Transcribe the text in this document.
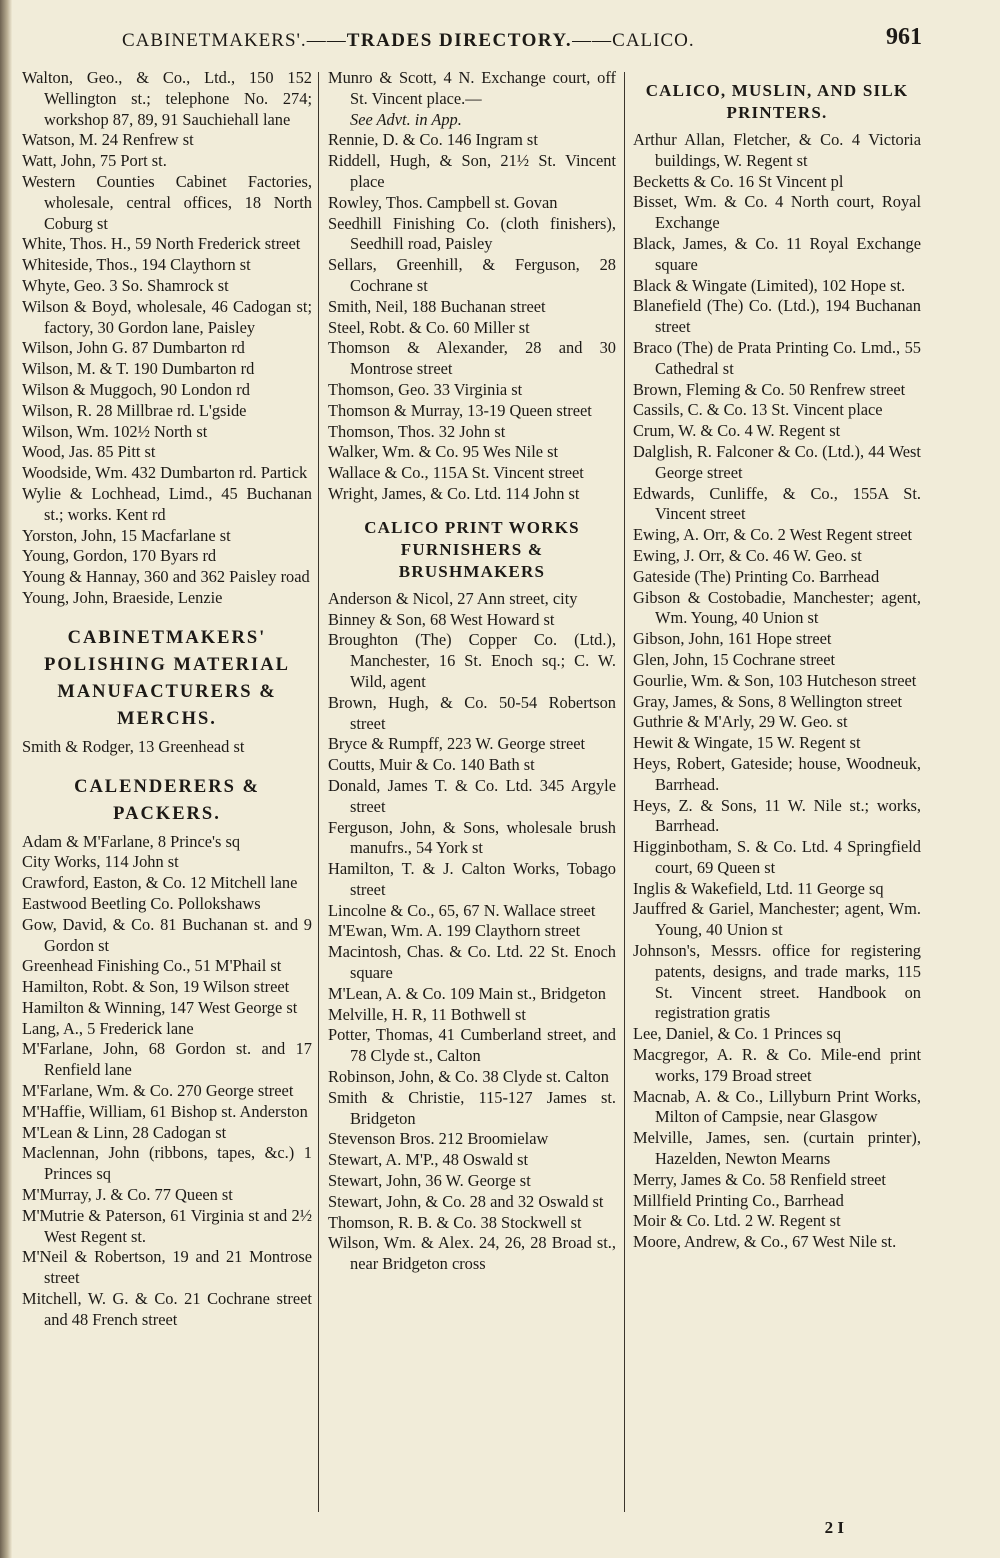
CABINETMAKERS'.——TRADES DIRECTORY.——CALICO.	961

Walton, Geo., & Co., Ltd., 150 152 Wellington st.; telephone No. 274; workshop 87, 89, 91 Sauchiehall lane

Watson, M. 24 Renfrew st

Watt, John, 75 Port st.

Western Counties Cabinet Factories, wholesale, central offices, 18 North Coburg st

White, Thos. H., 59 North Frederick street

Whiteside, Thos., 194 Claythorn st

Whyte, Geo. 3 So. Shamrock st

Wilson & Boyd, wholesale, 46 Cadogan st; factory, 30 Gordon lane, Paisley

Wilson, John G. 87 Dumbarton rd

Wilson, M. & T. 190 Dumbarton rd

Wilson & Muggoch, 90 London rd

Wilson, R. 28 Millbrae rd. L'gside

Wilson, Wm. 102½ North st

Wood, Jas. 85 Pitt st

Woodside, Wm. 432 Dumbarton rd. Partick

Wylie & Lochhead, Limd., 45 Buchanan st.; works. Kent rd

Yorston, John, 15 Macfarlane st

Young, Gordon, 170 Byars rd

Young & Hannay, 360 and 362 Paisley road

Young, John, Braeside, Lenzie

CABINETMAKERS' POLISHING MATERIAL MANUFACTURERS & MERCHS.

Smith & Rodger, 13 Greenhead st

CALENDERERS & PACKERS.

Adam & M'Farlane, 8 Prince's sq

City Works, 114 John st

Crawford, Easton, & Co. 12 Mitchell lane

Eastwood Beetling Co. Pollokshaws

Gow, David, & Co. 81 Buchanan st. and 9 Gordon st

Greenhead Finishing Co., 51 M'Phail st

Hamilton, Robt. & Son, 19 Wilson street

Hamilton & Winning, 147 West George st

Lang, A., 5 Frederick lane

M'Farlane, John, 68 Gordon st. and 17 Renfield lane

M'Farlane, Wm. & Co. 270 George street

M'Haffie, William, 61 Bishop st. Anderston

M'Lean & Linn, 28 Cadogan st

Maclennan, John (ribbons, tapes, &c.) 1 Princes sq

M'Murray, J. & Co. 77 Queen st

M'Mutrie & Paterson, 61 Virginia st and 2½ West Regent st.

M'Neil & Robertson, 19 and 21 Montrose street

Mitchell, W. G. & Co. 21 Cochrane street and 48 French street

Munro & Scott, 4 N. Exchange court, off St. Vincent place.—
See Advt. in App.

Rennie, D. & Co. 146 Ingram st

Riddell, Hugh, & Son, 21½ St. Vincent place

Rowley, Thos. Campbell st. Govan

Seedhill Finishing Co. (cloth finishers), Seedhill road, Paisley

Sellars, Greenhill, & Ferguson, 28 Cochrane st

Smith, Neil, 188 Buchanan street

Steel, Robt. & Co. 60 Miller st

Thomson & Alexander, 28 and 30 Montrose street

Thomson, Geo. 33 Virginia st

Thomson & Murray, 13-19 Queen street

Thomson, Thos. 32 John st

Walker, Wm. & Co. 95 Wes Nile st

Wallace & Co., 115A St. Vincent street

Wright, James, & Co. Ltd. 114 John st

CALICO PRINT WORKS FURNISHERS & BRUSHMAKERS

Anderson & Nicol, 27 Ann street, city

Binney & Son, 68 West Howard st

Broughton (The) Copper Co. (Ltd.), Manchester, 16 St. Enoch sq.; C. W. Wild, agent

Brown, Hugh, & Co. 50-54 Robertson street

Bryce & Rumpff, 223 W. George street

Coutts, Muir & Co. 140 Bath st

Donald, James T. & Co. Ltd. 345 Argyle street

Ferguson, John, & Sons, wholesale brush manufrs., 54 York st

Hamilton, T. & J. Calton Works, Tobago street

Lincolne & Co., 65, 67 N. Wallace street

M'Ewan, Wm. A. 199 Claythorn street

Macintosh, Chas. & Co. Ltd. 22 St. Enoch square

M'Lean, A. & Co. 109 Main st., Bridgeton

Melville, H. R, 11 Bothwell st

Potter, Thomas, 41 Cumberland street, and 78 Clyde st., Calton

Robinson, John, & Co. 38 Clyde st. Calton

Smith & Christie, 115-127 James st. Bridgeton

Stevenson Bros. 212 Broomielaw

Stewart, A. M'P., 48 Oswald st

Stewart, John, 36 W. George st

Stewart, John, & Co. 28 and 32 Oswald st

Thomson, R. B. & Co. 38 Stockwell st

Wilson, Wm. & Alex. 24, 26, 28 Broad st., near Bridgeton cross

CALICO, MUSLIN, AND SILK PRINTERS.

Arthur Allan, Fletcher, & Co. 4 Victoria buildings, W. Regent st

Becketts & Co. 16 St Vincent pl

Bisset, Wm. & Co. 4 North court, Royal Exchange

Black, James, & Co. 11 Royal Exchange square

Black & Wingate (Limited), 102 Hope st.

Blanefield (The) Co. (Ltd.), 194 Buchanan street

Braco (The) de Prata Printing Co. Lmd., 55 Cathedral st

Brown, Fleming & Co. 50 Renfrew street

Cassils, C. & Co. 13 St. Vincent place

Crum, W. & Co. 4 W. Regent st

Dalglish, R. Falconer & Co. (Ltd.), 44 West George street

Edwards, Cunliffe, & Co., 155A St. Vincent street

Ewing, A. Orr, & Co. 2 West Regent street

Ewing, J. Orr, & Co. 46 W. Geo. st

Gateside (The) Printing Co. Barrhead

Gibson & Costobadie, Manchester; agent, Wm. Young, 40 Union st

Gibson, John, 161 Hope street

Glen, John, 15 Cochrane street

Gourlie, Wm. & Son, 103 Hutcheson street

Gray, James, & Sons, 8 Wellington street

Guthrie & M'Arly, 29 W. Geo. st

Hewit & Wingate, 15 W. Regent st

Heys, Robert, Gateside; house, Woodneuk, Barrhead.

Heys, Z. & Sons, 11 W. Nile st.; works, Barrhead.

Higginbotham, S. & Co. Ltd. 4 Springfield court, 69 Queen st

Inglis & Wakefield, Ltd. 11 George sq

Jauffred & Gariel, Manchester; agent, Wm. Young, 40 Union st

Johnson's, Messrs. office for registering patents, designs, and trade marks, 115 St. Vincent street. Handbook on registration gratis

Lee, Daniel, & Co. 1 Princes sq

Macgregor, A. R. & Co. Mile-end print works, 179 Broad street

Macnab, A. & Co., Lillyburn Print Works, Milton of Campsie, near Glasgow

Melville, James, sen. (curtain printer), Hazelden, Newton Mearns

Merry, James & Co. 58 Renfield street

Millfield Printing Co., Barrhead

Moir & Co. Ltd. 2 W. Regent st

Moore, Andrew, & Co., 67 West Nile st.

2 I
